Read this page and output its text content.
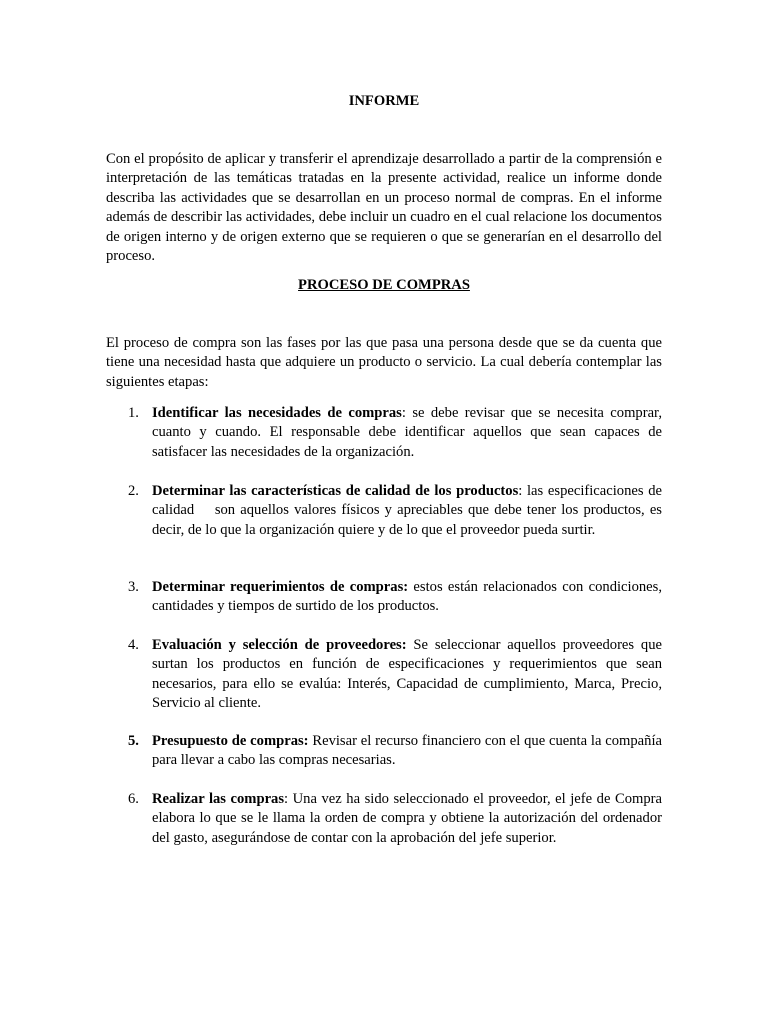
INFORME

Con el propósito de aplicar y transferir el aprendizaje desarrollado a partir de la comprensión e interpretación de las temáticas tratadas en la presente actividad, realice un informe donde describa las actividades que se desarrollan en un proceso normal de compras. En el informe además de describir las actividades, debe incluir un cuadro en el cual relacione los documentos de origen interno y de origen externo que se requieren o que se generarían en el desarrollo del proceso.

PROCESO DE COMPRAS

El proceso de compra son las fases por las que pasa una persona desde que se da cuenta que tiene una necesidad hasta que adquiere un producto o servicio. La cual debería contemplar las siguientes etapas:

1. Identificar las necesidades de compras: se debe revisar que se necesita comprar, cuanto y cuando. El responsable debe identificar aquellos que sean capaces de satisfacer las necesidades de la organización.

2. Determinar las características de calidad de los productos: las especificaciones de calidad    son aquellos valores físicos y apreciables que debe tener los productos, es decir, de lo que la organización quiere y de lo que el proveedor pueda surtir.

3. Determinar requerimientos de compras: estos están relacionados con condiciones, cantidades y tiempos de surtido de los productos.

4. Evaluación y selección de proveedores: Se seleccionar aquellos proveedores que surtan los productos en función de especificaciones y requerimientos que sean necesarios, para ello se evalúa: Interés, Capacidad de cumplimiento, Marca, Precio, Servicio al cliente.

5. Presupuesto de compras: Revisar el recurso financiero con el que cuenta la compañía para llevar a cabo las compras necesarias.

6. Realizar las compras: Una vez ha sido seleccionado el proveedor, el jefe de Compra elabora lo que se le llama la orden de compra y obtiene la autorización del ordenador del gasto, asegurándose de contar con la aprobación del jefe superior.
